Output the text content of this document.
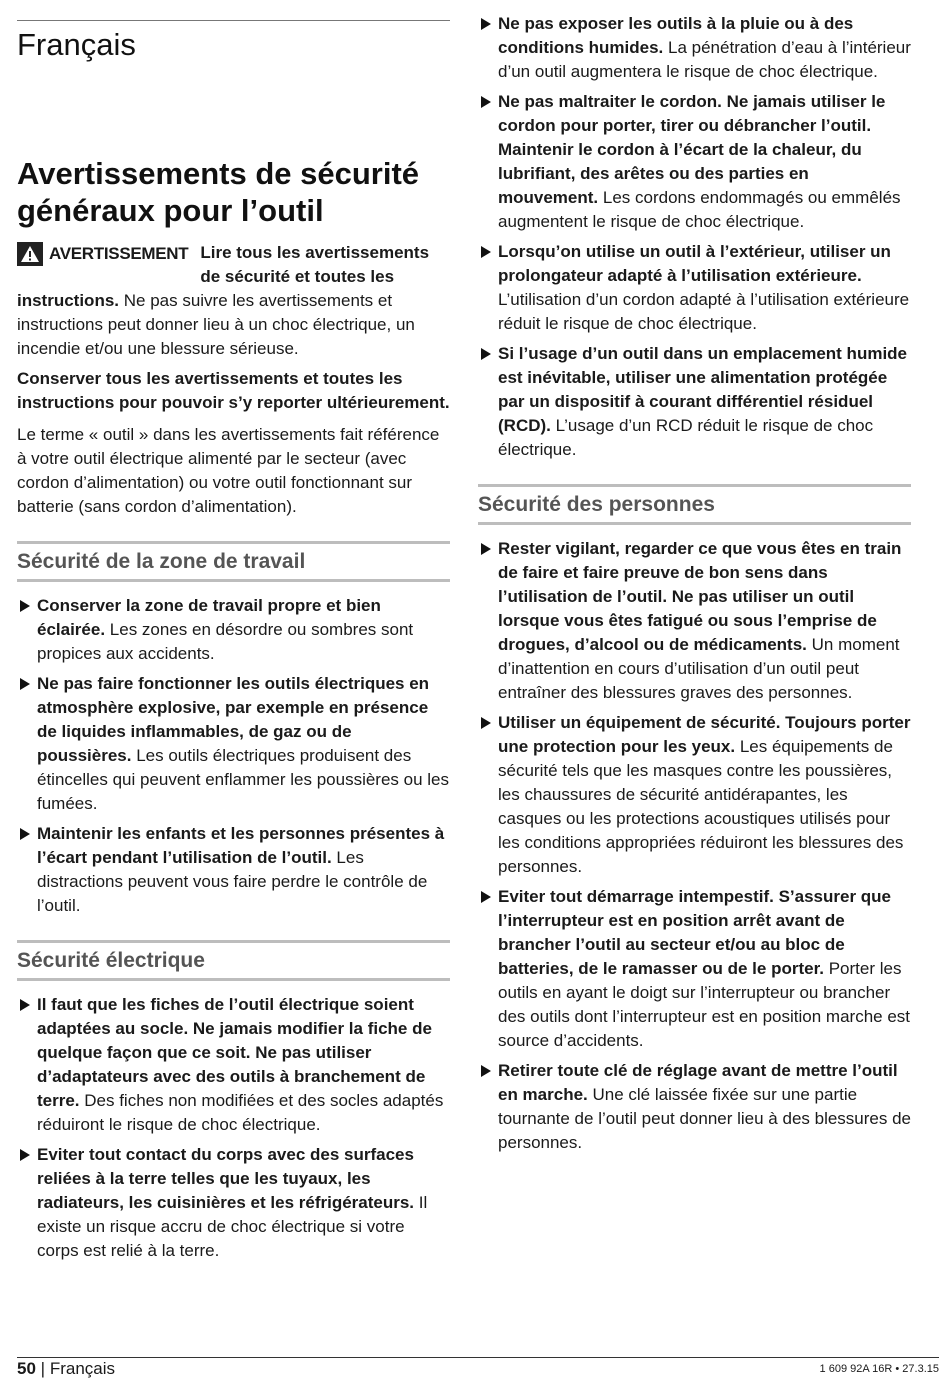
Français
Avertissements de sécurité généraux pour l’outil

AVERTISSEMENT Lire tous les avertissements de sécurité et toutes les instructions. Ne pas suivre les avertissements et instructions peut donner lieu à un choc électrique, un incendie et/ou une blessure sérieuse.

Conserver tous les avertissements et toutes les instructions pour pouvoir s’y reporter ultérieurement.

Le terme « outil » dans les avertissements fait référence à votre outil électrique alimenté par le secteur (avec cordon d’alimentation) ou votre outil fonctionnant sur batterie (sans cordon d’alimentation).

Sécurité de la zone de travail
Conserver la zone de travail propre et bien éclairée. Les zones en désordre ou sombres sont propices aux accidents.
Ne pas faire fonctionner les outils électriques en atmosphère explosive, par exemple en présence de liquides inflammables, de gaz ou de poussières. Les outils électriques produisent des étincelles qui peuvent enflammer les poussières ou les fumées.
Maintenir les enfants et les personnes présentes à l’écart pendant l’utilisation de l’outil. Les distractions peuvent vous faire perdre le contrôle de l’outil.
Sécurité électrique
Il faut que les fiches de l’outil électrique soient adaptées au socle. Ne jamais modifier la fiche de quelque façon que ce soit. Ne pas utiliser d’adaptateurs avec des outils à branchement de terre. Des fiches non modifiées et des socles adaptés réduiront le risque de choc électrique.
Eviter tout contact du corps avec des surfaces reliées à la terre telles que les tuyaux, les radiateurs, les cuisinières et les réfrigérateurs. Il existe un risque accru de choc électrique si votre corps est relié à la terre.
Ne pas exposer les outils à la pluie ou à des conditions humides. La pénétration d’eau à l’intérieur d’un outil augmentera le risque de choc électrique.
Ne pas maltraiter le cordon. Ne jamais utiliser le cordon pour porter, tirer ou débrancher l’outil. Maintenir le cordon à l’écart de la chaleur, du lubrifiant, des arêtes ou des parties en mouvement. Les cordons endommagés ou emmêlés augmentent le risque de choc électrique.
Lorsqu’on utilise un outil à l’extérieur, utiliser un prolongateur adapté à l’utilisation extérieure. L’utilisation d’un cordon adapté à l’utilisation extérieure réduit le risque de choc électrique.
Si l’usage d’un outil dans un emplacement humide est inévitable, utiliser une alimentation protégée par un dispositif à courant différentiel résiduel (RCD). L’usage d’un RCD réduit le risque de choc électrique.
Sécurité des personnes
Rester vigilant, regarder ce que vous êtes en train de faire et faire preuve de bon sens dans l’utilisation de l’outil. Ne pas utiliser un outil lorsque vous êtes fatigué ou sous l’emprise de drogues, d’alcool ou de médicaments. Un moment d’inattention en cours d’utilisation d’un outil peut entraîner des blessures graves des personnes.
Utiliser un équipement de sécurité. Toujours porter une protection pour les yeux. Les équipements de sécurité tels que les masques contre les poussières, les chaussures de sécurité antidérapantes, les casques ou les protections acoustiques utilisés pour les conditions appropriées réduiront les blessures des personnes.
Eviter tout démarrage intempestif. S’assurer que l’interrupteur est en position arrêt avant de brancher l’outil au secteur et/ou au bloc de batteries, de le ramasser ou de le porter. Porter les outils en ayant le doigt sur l’interrupteur ou brancher des outils dont l’interrupteur est en position marche est source d’accidents.
Retirer toute clé de réglage avant de mettre l’outil en marche. Une clé laissée fixée sur une partie tournante de l’outil peut donner lieu à des blessures de personnes.
50 | Français	1 609 92A 16R • 27.3.15
